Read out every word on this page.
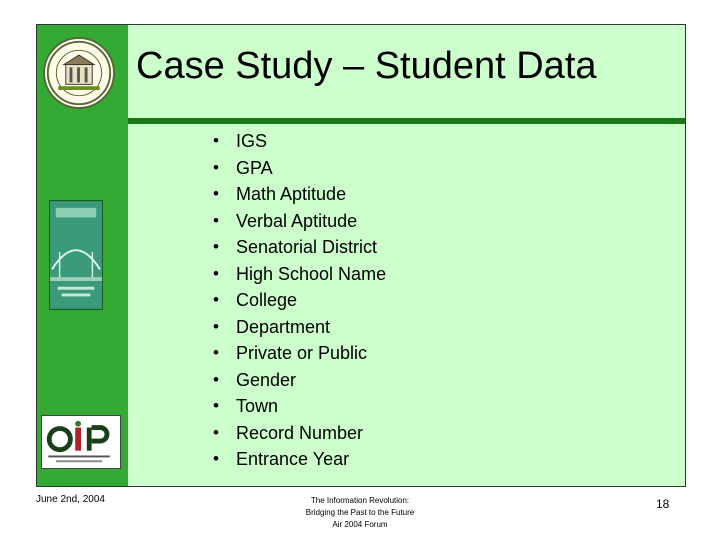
Case Study – Student Data
• IGS
• GPA
• Math Aptitude
• Verbal Aptitude
• Senatorial District
• High School Name
• College
• Department
• Private or Public
• Gender
• Town
• Record Number
• Entrance Year
June 2nd, 2004	The Information Revolution:
Bridging the Past to the Future
Air 2004 Forum
18
